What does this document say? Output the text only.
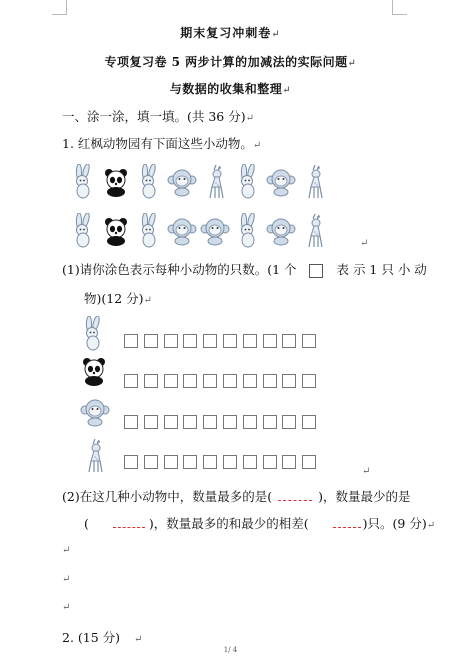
期末复习冲刺卷↵
专项复习卷 5 两步计算的加减法的实际问题↵
与数据的收集和整理↵
一、涂一涂，填一填。(共 36 分)↵
1. 红枫动物园有下面这些小动物。↵
↵
(1)请你涂色表示每种小动物的只数。(1 个	表 示 1 只 小 动
物)(12 分)↵
↵
(2)在这几种小动物中，数量最多的是(	)，数量最少的是
(	)，数量最多的和最少的相差(	)只。(9 分)↵
↵
↵
↵
2. (15 分) ↵
1/ 4
